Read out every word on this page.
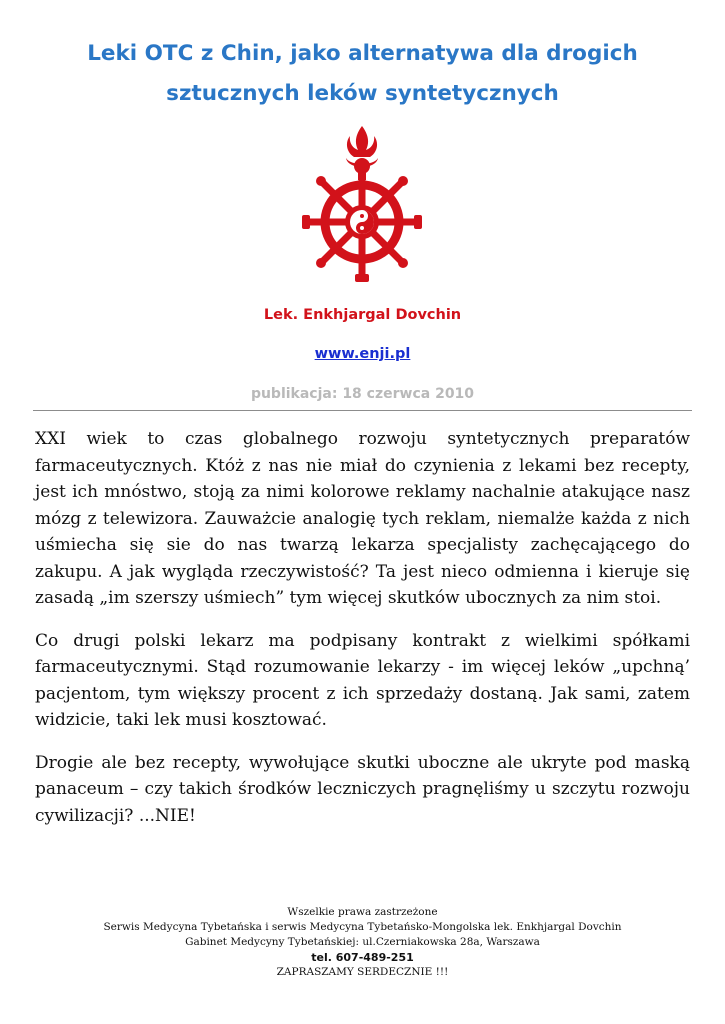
Leki OTC z Chin, jako alternatywa dla drogich
sztucznych leków syntetycznych
Lek. Enkhjargal Dovchin
www.enji.pl
publikacja: 18 czerwca 2010

XXI wiek to czas globalnego rozwoju syntetycznych preparatów farmaceutycznych. Któż z nas nie miał do czynienia z lekami bez recepty, jest ich mnóstwo, stoją za nimi kolorowe reklamy nachalnie atakujące nasz mózg z telewizora. Zauważcie analogię tych reklam, niemalże każda z nich uśmiecha się sie do nas twarzą lekarza specjalisty zachęcającego do zakupu. A jak wygląda rzeczywistość? Ta jest nieco odmienna i kieruje się zasadą „im szerszy uśmiech” tym więcej skutków ubocznych za nim stoi.

Co drugi polski lekarz ma podpisany kontrakt z wielkimi spółkami farmaceutycznymi. Stąd rozumowanie lekarzy - im więcej leków „upchną’ pacjentom, tym większy procent z ich sprzedaży dostaną. Jak sami, zatem widzicie, taki lek musi kosztować.

Drogie ale bez recepty, wywołujące skutki uboczne ale ukryte pod maską panaceum – czy takich środków leczniczych pragnęliśmy u szczytu rozwoju cywilizacji? ...NIE!

Wszelkie prawa zastrzeżone
Serwis Medycyna Tybetańska i serwis Medycyna Tybetańsko-Mongolska lek. Enkhjargal Dovchin
Gabinet Medycyny Tybetańskiej: ul.Czerniakowska 28a, Warszawa
tel. 607-489-251
ZAPRASZAMY SERDECZNIE !!!
